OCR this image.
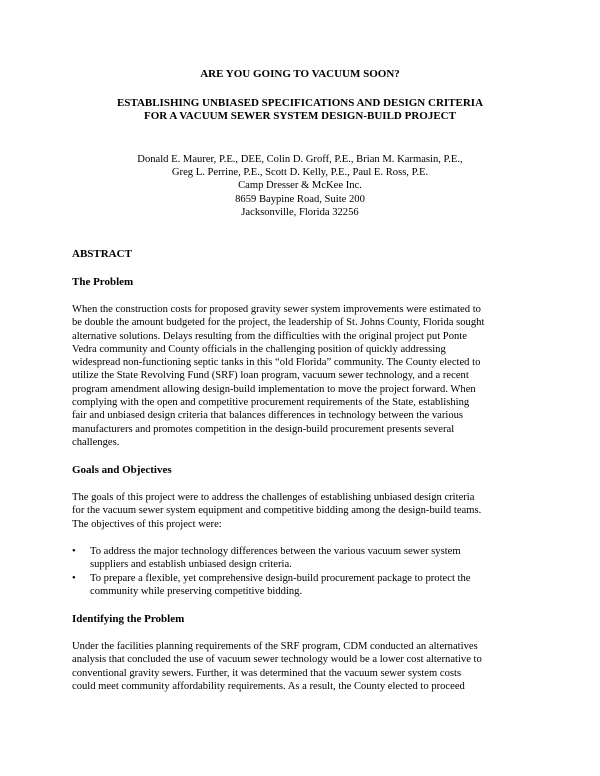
ARE YOU GOING TO VACUUM SOON?
ESTABLISHING UNBIASED SPECIFICATIONS AND DESIGN CRITERIA
FOR A VACUUM SEWER SYSTEM DESIGN-BUILD PROJECT
Donald E. Maurer, P.E., DEE, Colin D. Groff, P.E., Brian M. Karmasin, P.E.,
Greg L. Perrine, P.E., Scott D. Kelly, P.E., Paul E. Ross, P.E.
Camp Dresser & McKee Inc.
8659 Baypine Road, Suite 200
Jacksonville, Florida 32256
ABSTRACT
The Problem
When the construction costs for proposed gravity sewer system improvements were estimated to
be double the amount budgeted for the project, the leadership of St. Johns County, Florida sought
alternative solutions. Delays resulting from the difficulties with the original project put Ponte
Vedra community and County officials in the challenging position of quickly addressing
widespread non-functioning septic tanks in this “old Florida” community. The County elected to
utilize the State Revolving Fund (SRF) loan program, vacuum sewer technology, and a recent
program amendment allowing design-build implementation to move the project forward. When
complying with the open and competitive procurement requirements of the State, establishing
fair and unbiased design criteria that balances differences in technology between the various
manufacturers and promotes competition in the design-build procurement presents several
challenges.
Goals and Objectives
The goals of this project were to address the challenges of establishing unbiased design criteria
for the vacuum sewer system equipment and competitive bidding among the design-build teams.
The objectives of this project were:
•	To address the major technology differences between the various vacuum sewer system
suppliers and establish unbiased design criteria.
•	To prepare a flexible, yet comprehensive design-build procurement package to protect the
community while preserving competitive bidding.
Identifying the Problem
Under the facilities planning requirements of the SRF program, CDM conducted an alternatives
analysis that concluded the use of vacuum sewer technology would be a lower cost alternative to
conventional gravity sewers. Further, it was determined that the vacuum sewer system costs
could meet community affordability requirements. As a result, the County elected to proceed
